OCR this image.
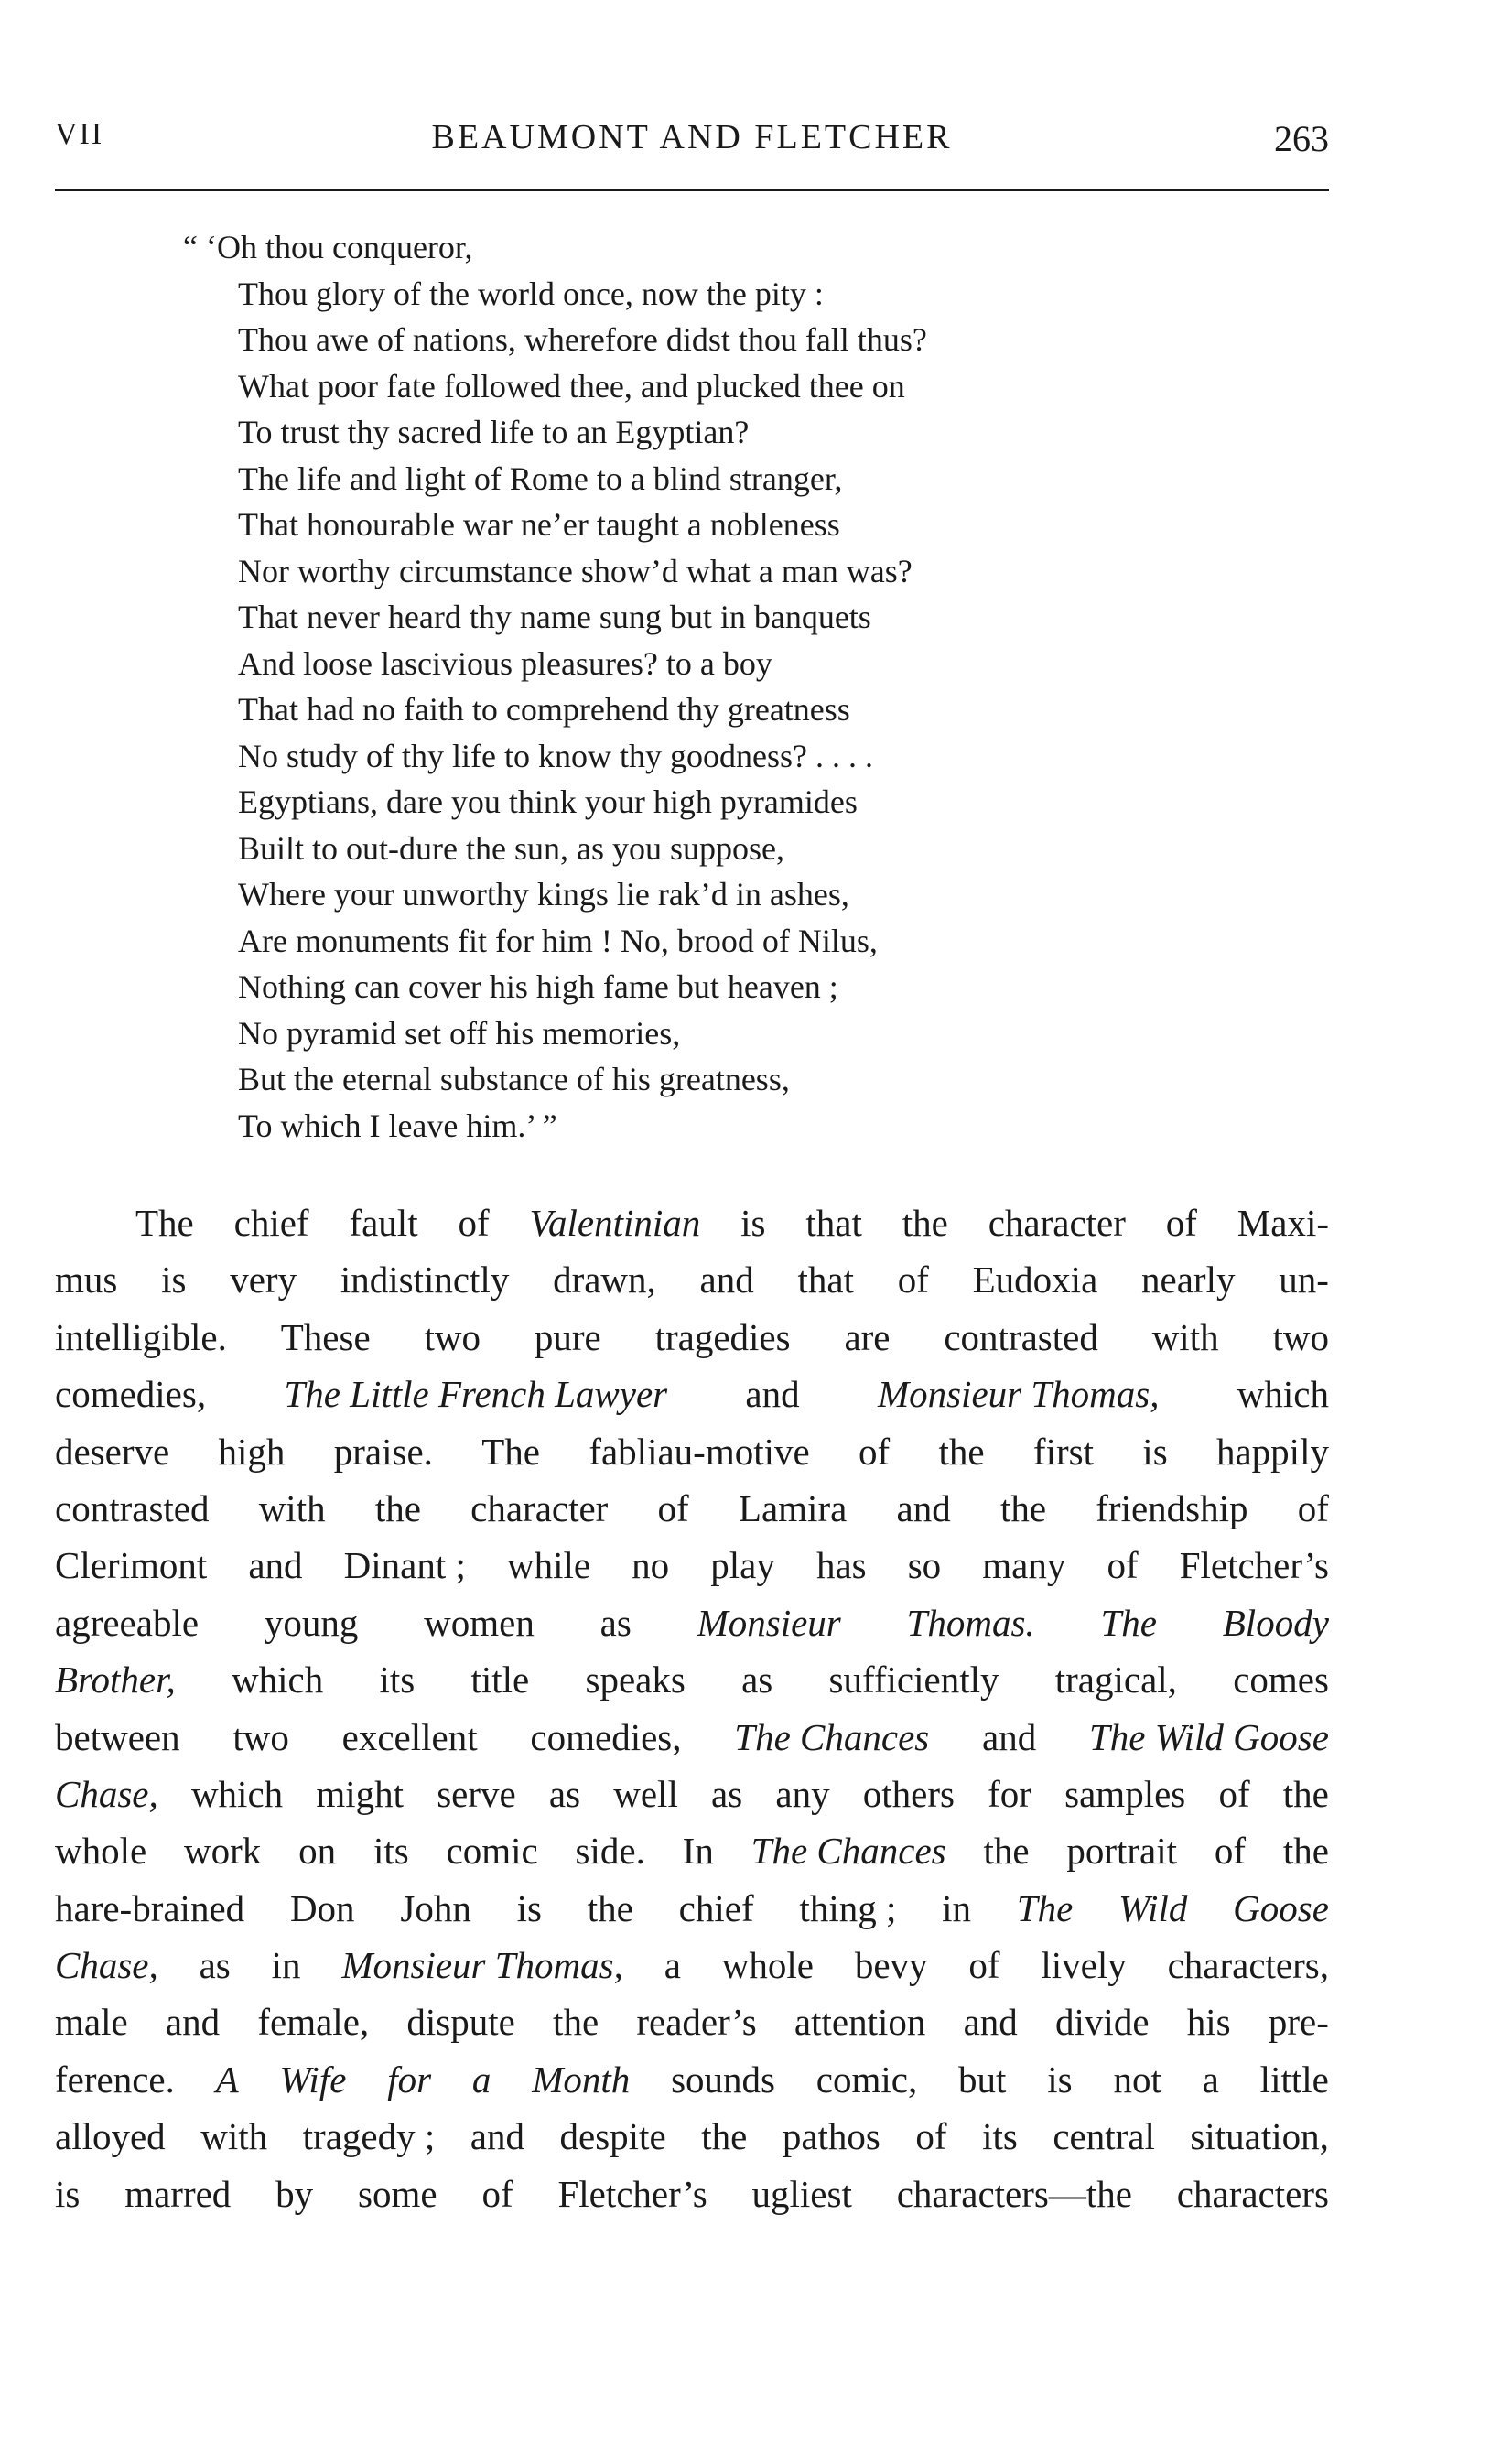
VII	BEAUMONT AND FLETCHER	263
“ ‘Oh thou conqueror,
Thou glory of the world once, now the pity :
Thou awe of nations, wherefore didst thou fall thus?
What poor fate followed thee, and plucked thee on
To trust thy sacred life to an Egyptian?
The life and light of Rome to a blind stranger,
That honourable war ne’er taught a nobleness
Nor worthy circumstance show’d what a man was?
That never heard thy name sung but in banquets
And loose lascivious pleasures? to a boy
That had no faith to comprehend thy greatness
No study of thy life to know thy goodness? . . . .
Egyptians, dare you think your high pyramides
Built to out-dure the sun, as you suppose,
Where your unworthy kings lie rak’d in ashes,
Are monuments fit for him ! No, brood of Nilus,
Nothing can cover his high fame but heaven ;
No pyramid set off his memories,
But the eternal substance of his greatness,
To which I leave him.’ ”
The chief fault of Valentinian is that the character of Maxi-
mus is very indistinctly drawn, and that of Eudoxia nearly un-
intelligible. These two pure tragedies are contrasted with two
comedies, The Little French Lawyer and Monsieur Thomas, which
deserve high praise. The fabliau-motive of the first is happily
contrasted with the character of Lamira and the friendship of
Clerimont and Dinant ; while no play has so many of Fletcher’s
agreeable young women as Monsieur Thomas. The Bloody
Brother, which its title speaks as sufficiently tragical, comes
between two excellent comedies, The Chances and The Wild Goose
Chase, which might serve as well as any others for samples of the
whole work on its comic side. In The Chances the portrait of the
hare-brained Don John is the chief thing ; in The Wild Goose
Chase, as in Monsieur Thomas, a whole bevy of lively characters,
male and female, dispute the reader’s attention and divide his pre-
ference. A Wife for a Month sounds comic, but is not a little
alloyed with tragedy ; and despite the pathos of its central situation,
is marred by some of Fletcher’s ugliest characters—the characters
